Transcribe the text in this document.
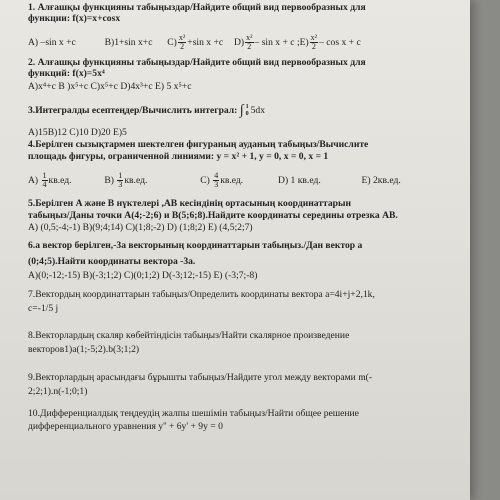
1. Алғашқы функцияны табыңыздар/Найдите общий вид первообразных для
функции: f(x)=x+cosx
A) –sin x +c	B)1+sin x+c $C) \frac{\text{x²}}{2} +\sin$ x +c $D) \frac{\text{x²}}{2} - \sin x + c$ ;E) $\frac{\text{x²}}{2} - \cos x + c$
2. Алғашқы функцияны табыңыздар/Найдите общий вид первообразных для
функций: f(x)=5x⁴
A)x⁴+c B )x⁵+c C)x⁵+c D)4x³+c E) 5 x⁵+c
3.Интегралды есептеңдер/Вычислить интеграл: ∫ 1
0 5dx
A)15B)12 C)10 D)20 E)5
4.Берілген сызықтармен шектелген фигураның ауданың табыңыз/Вычислите
площадь фигуры, ограниченной линиями: y = x² + 1, y = 0, x = 0, x = 1
$A) \frac{1}{4} кв.ед$.	$B) \frac{1}{3} кв.ед$.	$C) \frac{4}{3} кв.ед$.	D) 1 кв.ед.	E) 2кв.ед.
5.Берілген A және B нүктелері ,AB кесіндінің ортасының координаттарын
табыңыз/Даны точки A(4;-2;6) и B(5;6;8).Найдите координаты середины отрезка AB.
A) (0,5;-4;-1) B)(9;4;14) C)(1;8;-2) D) (1;8;2) E) (4,5;2;7)
6.a вектор берілген,-3a векторының координаттарын табыңыз./Дан вектор a
(0;4;5).Найти координаты вектора -3a.
A)(0;-12;-15) B)(-3;1;2) C)(0;1;2) D(-3;12;-15) E) (-3;7;-8)
7.Вектордың координаттарын табыңыз/Определить координаты вектора a=4i+j+2,1k,
c=-1/5 j
8.Векторлардың скаляр көбейтіндісін табыңыз/Найти скалярное произведение
векторов1)a(1;-5;2).b(3;1;2)
9.Векторлардың арасындағы бұрышты табыңыз/Найдите угол между векторами m(-
2;2;1).n(-1;0;1)
10.Дифференциалдық теңдеудің жалпы шешімін табыңыз/Найти общее решение
дифференциального уравнения y'' + 6y' + 9y = 0
